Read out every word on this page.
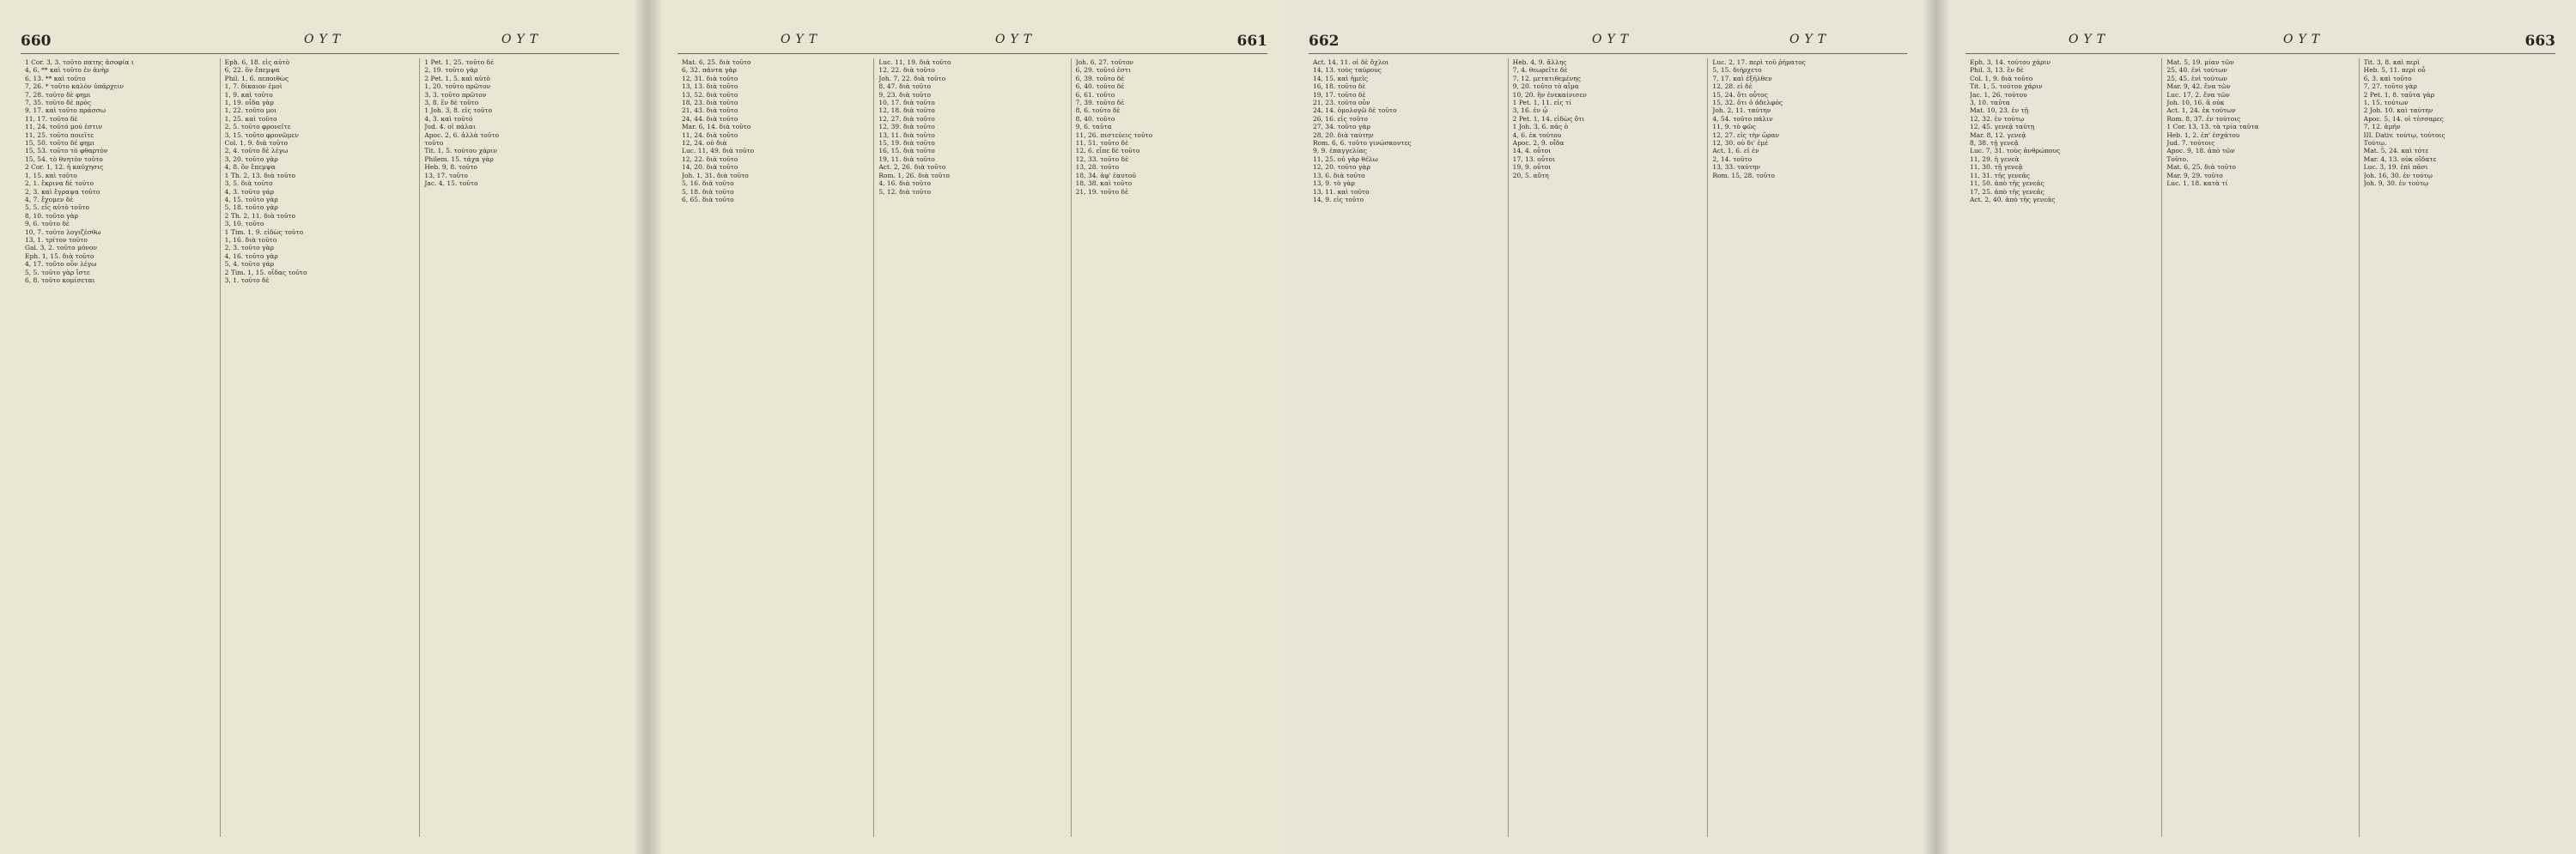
660	OYT	OYT
1 Cor. 3, 3. τοῦτο πατης ἀσοφία ι
4, 6. ** καὶ τοῦτο ἐν ἀνὴρ
6, 13. ** καὶ τοῦτο
7, 26. * τοῦτο καλὸν ὑπάρχειν
7, 28. τοῦτο δὲ φημι
7, 35. τοῦτο δὲ πρὸς
9, 17. καὶ τοῦτο πράσσω
11, 17. τοῦτο δὲ
11, 24. τοῦτό μού ἐστιν
11, 25. τοῦτο ποιεῖτε
15, 50. τοῦτο δέ φημι
15, 53. τοῦτο τὸ φθαρτὸν
15, 54. τὸ θνητὸν τοῦτο
2 Cor. 1, 12. ἡ καύχησις
1, 15. καὶ τοῦτο
2, 1. ἔκρινα δὲ τοῦτο
2, 3. καὶ ἔγραψα τοῦτο
4, 7. ἔχομεν δὲ
5, 5. εἰς αὐτὸ τοῦτο
8, 10. τοῦτο γὰρ
9, 6. τοῦτο δὲ
10, 7. τοῦτο λογιζέσθω
13, 1. τρίτον τοῦτο
Gal. 3, 2. τοῦτο μόνον
Eph. 1, 15. διὰ τοῦτο
4, 17. τοῦτο οὖν λέγω
5, 5. τοῦτο γὰρ ἴστε
6, 8. τοῦτο κομίσεται
Eph. 6, 18. εἰς αὐτὸ
6, 22. ὃν ἔπεμψα
Phil. 1, 6. πεποιθὼς
1, 7. δίκαιον ἐμοὶ
1, 9. καὶ τοῦτο
1, 19. οἶδα γὰρ
1, 22. τοῦτο μοι
1, 25. καὶ τοῦτο
2, 5. τοῦτο φρονεῖτε
3, 15. τοῦτο φρονῶμεν
Col. 1, 9. διὰ τοῦτο
2, 4. τοῦτο δὲ λέγω
3, 20. τοῦτο γὰρ
4, 8. ὃν ἔπεμψα
1 Th. 2, 13. διὰ τοῦτο
3, 5. διὰ τοῦτο
4, 3. τοῦτο γάρ
4, 15. τοῦτο γὰρ
5, 18. τοῦτο γὰρ
2 Th. 2, 11. διὰ τοῦτο
3, 10. τοῦτο
1 Tim. 1, 9. εἰδὼς τοῦτο
1, 16. διὰ τοῦτο
2, 3. τοῦτο γὰρ
4, 16. τοῦτο γὰρ
5, 4. τοῦτο γάρ
2 Tim. 1, 15. οἶδας τοῦτο
3, 1. τοῦτο δὲ
1 Pet. 1, 25. τοῦτο δέ
2, 19. τοῦτο γὰρ
2 Pet. 1, 5. καὶ αὐτὸ
1, 20. τοῦτο πρῶτον
3, 3. τοῦτο πρῶτον
3, 8. ἓν δὲ τοῦτο
1 Joh. 3, 8. εἰς τοῦτο
4, 3. καὶ τοῦτό
Jud. 4. οἱ πάλαι
Apoc. 2, 6. ἀλλὰ τοῦτο
τοῦτο
Tit. 1, 5. τούτου χάριν
Philem. 15. τάχα γὰρ
Heb. 9, 8. τοῦτο
13, 17. τοῦτο
Jac. 4, 15. τοῦτο
OYT	OYT	661
Mat. 6, 25. διὰ τοῦτο
6, 32. πάντα γὰρ
12, 31. διὰ τοῦτο
13, 13. διὰ τοῦτο
13, 52. διὰ τοῦτο
18, 23. διὰ τοῦτο
21, 43. διὰ τοῦτο
24, 44. διὰ τοῦτο
Mar. 6, 14. διὰ τοῦτο
11, 24. διὰ τοῦτο
12, 24. οὐ διὰ
Luc. 11, 49. διὰ τοῦτο
12, 22. διὰ τοῦτο
14, 20. διὰ τοῦτο
Joh. 1, 31. διὰ τοῦτο
5, 16. διὰ τοῦτο
5, 18. διὰ τοῦτο
6, 65. διὰ τοῦτο
Luc. 11, 19. διὰ τοῦτο
12, 22. διὰ τοῦτο
Joh. 7, 22. διὰ τοῦτο
8, 47. διὰ τοῦτο
9, 23. διὰ τοῦτο
10, 17. διὰ τοῦτο
12, 18. διὰ τοῦτο
12, 27. διὰ τοῦτο
12, 39. διὰ τοῦτο
13, 11. διὰ τοῦτο
15, 19. διὰ τοῦτο
16, 15. διὰ τοῦτο
19, 11. διὰ τοῦτο
Act. 2, 26. διὰ τοῦτο
Rom. 1, 26. διὰ τοῦτο
4, 16. διὰ τοῦτο
5, 12. διὰ τοῦτο
Joh. 6, 27. τοῦτον
6, 29. τοῦτό ἐστι
6, 39. τοῦτο δέ
6, 40. τοῦτο δέ
6, 61. τοῦτο
7, 39. τοῦτο δὲ
8, 6. τοῦτο δὲ
8, 40. τοῦτο
9, 6. ταῦτα
11, 26. πιστεύεις τοῦτο
11, 51. τοῦτο δὲ
12, 6. εἶπε δὲ τοῦτο
12, 33. τοῦτο δὲ
13, 28. τοῦτο
18, 34. ἀφ' ἑαυτοῦ
18, 38. καὶ τοῦτο
21, 19. τοῦτο δὲ
662	OYT	OYT
Act. 14, 11. οἱ δὲ ὄχλοι
14, 13. τοὺς ταύρους
14, 15. καὶ ἡμεῖς
16, 18. τοῦτο δὲ
19, 17. τοῦτο δὲ
21, 23. τοῦτο οὖν
24, 14. ὁμολογῶ δὲ τοῦτο
26, 16. εἰς τοῦτο
27, 34. τοῦτο γὰρ
28, 20. διὰ ταύτην
Rom. 6, 6. τοῦτο γινώσκοντες
9, 9. ἐπαγγελίας
11, 25. οὐ γὰρ θέλω
12, 20. τοῦτο γὰρ
13, 6. διὰ τοῦτο
13, 9. τὸ γὰρ
13, 11. καὶ τοῦτο
14, 9. εἰς τοῦτο
Heb. 4, 9. ἄλλης
7, 4. θεωρεῖτε δὲ
7, 12. μετατιθεμένης
9, 20. τοῦτο τὸ αἷμα
10, 20. ἣν ἐνεκαίνισεν
1 Pet. 1, 11. εἰς τί
3, 16. ἐν ᾧ
2 Pet. 1, 14. εἰδὼς ὅτι
1 Joh. 3, 6. πᾶς ὁ
4, 6. ἐκ τούτου
Apoc. 2, 9. οἶδα
14, 4. οὗτοι
17, 13. οὗτοι
19, 9. οὗτοι
20, 5. αὕτη
Luc. 2, 17. περὶ τοῦ ῥήματος
5, 15. διήρχετο
7, 17. καὶ ἐξῆλθεν
12, 28. εἰ δὲ
15, 24. ὅτι οὗτος
15, 32. ὅτι ὁ ἀδελφός
Joh. 2, 11. ταύτην
4, 54. τοῦτο πάλιν
11, 9. τὸ φῶς
12, 27. εἰς τὴν ὥραν
12, 30. οὐ δι' ἐμὲ
Act. 1, 6. εἰ ἐν
2, 14. τοῦτο
13, 33. ταύτην
Rom. 15, 28. τοῦτο
OYT	OYT	663
Eph. 3, 14. τούτου χάριν
Phil. 3, 13. ἓν δὲ
Col. 1, 9. διὰ τοῦτο
Tit. 1, 5. τούτου χάριν
Jac. 1, 26. τούτου
3, 10. ταῦτα
Mat. 10, 23. ἐν τῇ
12, 32. ἐν τούτῳ
12, 45. γενεᾷ ταύτῃ
Mar. 8, 12. γενεᾷ
8, 38. τῇ γενεᾷ
Luc. 7, 31. τοὺς ἀνθρώπους
11, 29. ἡ γενεὰ
11, 30. τῇ γενεᾷ
11, 31. τῆς γενεᾶς
11, 50. ἀπὸ τῆς γενεᾶς
17, 25. ἀπὸ τῆς γενεᾶς
Act. 2, 40. ἀπὸ τῆς γενεᾶς
Mat. 5, 19. μίαν τῶν
25, 40. ἑνὶ τούτων
25, 45. ἑνὶ τούτων
Mar. 9, 42. ἕνα τῶν
Luc. 17, 2. ἕνα τῶν
Joh. 10, 16. ἃ οὐκ
Act. 1, 24. ἐκ τούτων
Rom. 8, 37. ἐν τούτοις
1 Cor. 13, 13. τὰ τρία ταῦτα
Heb. 1, 2. ἐπ' ἐσχάτου
Jud. 7. τούτοις
Apoc. 9, 18. ἀπὸ τῶν
Τοῦτο.
Mat. 6, 25. διὰ τοῦτο
Mar. 9, 29. τοῦτο
Luc. 1, 18. κατὰ τί
Tit. 3, 8. καὶ περὶ
Heb. 5, 11. περὶ οὗ
6, 3. καὶ τοῦτο
7, 27. τοῦτο γὰρ
2 Pet. 1, 8. ταῦτα γὰρ
1, 15. τούτων
2 Joh. 10. καὶ ταύτην
Apoc. 5, 14. οἱ τέσσαρες
7, 12. ἀμήν
III. Dativ. τούτῳ, τούτοις
Τούτῳ.
Mat. 5, 24. καὶ τότε
Mar. 4, 13. οὐκ οἴδατε
Luc. 3, 19. ἐπὶ πᾶσι
Joh. 16, 30. ἐν τούτῳ
Joh. 9, 30. ἐν τούτῳ
